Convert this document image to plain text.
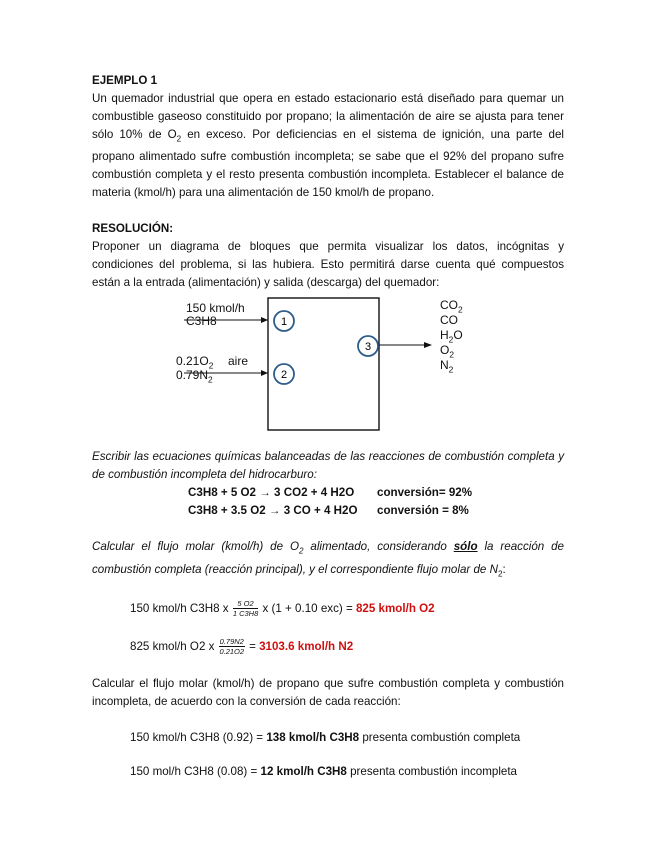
EJEMPLO 1

Un quemador industrial que opera en estado estacionario está diseñado para quemar un combustible gaseoso constituido por propano; la alimentación de aire se ajusta para tener sólo 10% de $O_2$ en exceso. Por deficiencias en el sistema de ignición, una parte del propano alimentado sufre combustión incompleta; se sabe que el 92% del propano sufre combustión completa y el resto presenta combustión incompleta. Establecer el balance de materia (kmol/h) para una alimentación de 150 kmol/h de propano.

RESOLUCIÓN:

Proponer un diagrama de bloques que permita visualizar los datos, incógnitas y condiciones del problema, si las hubiera. Esto permitirá darse cuenta qué compuestos están a la entrada (alimentación) y salida (descarga) del quemador:

1
2
3
150 kmol/h
C3H8
$0.21O_2$ aire
$0.79N_2$
$CO_2$
CO
$H_2O$
$O_2$
$N_2$

Escribir las ecuaciones químicas balanceadas de las reacciones de combustión completa y de combustión incompleta del hidrocarburo:

C3H8 + 5 O2 → 3 CO2 + 4 H2O conversión= 92%
C3H8 + 3.5 O2 → 3 CO + 4 H2O conversión = 8%

Calcular el flujo molar (kmol/h) de $O_2$ alimentado, considerando sólo la reacción de combustión completa (reacción principal), y el correspondiente flujo molar de $N_2$:

150 kmol/h C3H8 x $\frac{5 O2}{1 C3H8}$ x (1 + 0.10 exc) = 825 kmol/h O2
825 kmol/h O2 x $\frac{0.79N2}{0.21O2} = 3103.6$ kmol/h N2

Calcular el flujo molar (kmol/h) de propano que sufre combustión completa y combustión incompleta, de acuerdo con la conversión de cada reacción:

150 kmol/h C3H8 (0.92) = 138 kmol/h C3H8 presenta combustión completa
150 mol/h C3H8 (0.08) = 12 kmol/h C3H8 presenta combustión incompleta
